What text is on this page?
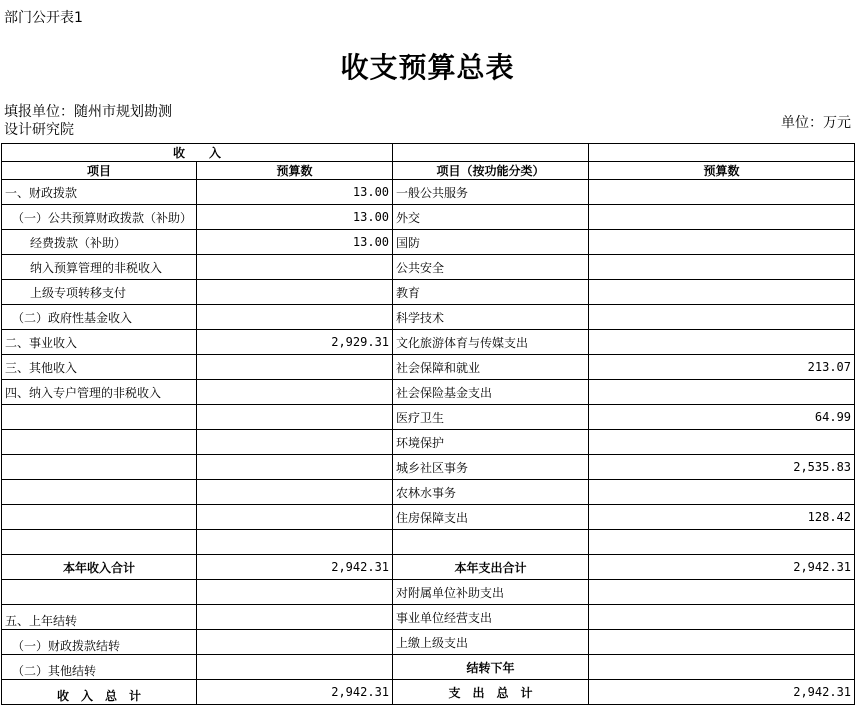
部门公开表1
收支预算总表
填报单位：随州市规划勘测
设计研究院	单位：万元
收　　入			
项目	预算数	项目（按功能分类）	预算数
一、财政拨款	13.00	一般公共服务	
（一）公共预算财政拨款（补助）	13.00	外交	
经费拨款（补助）	13.00	国防	
纳入预算管理的非税收入		公共安全	
上级专项转移支付		教育	
（二）政府性基金收入		科学技术	
二、事业收入	2,929.31	文化旅游体育与传媒支出	
三、其他收入		社会保障和就业	213.07
四、纳入专户管理的非税收入		社会保险基金支出	
		医疗卫生	64.99
		环境保护	
		城乡社区事务	2,535.83
		农林水事务	
		住房保障支出	128.42

本年收入合计	2,942.31	本年支出合计	2,942.31
		对附属单位补助支出	
五、上年结转		事业单位经营支出	
（一）财政拨款结转		上缴上级支出	
（二）其他结转		结转下年	
收　入　总　计	2,942.31	支　出　总　计	2,942.31
